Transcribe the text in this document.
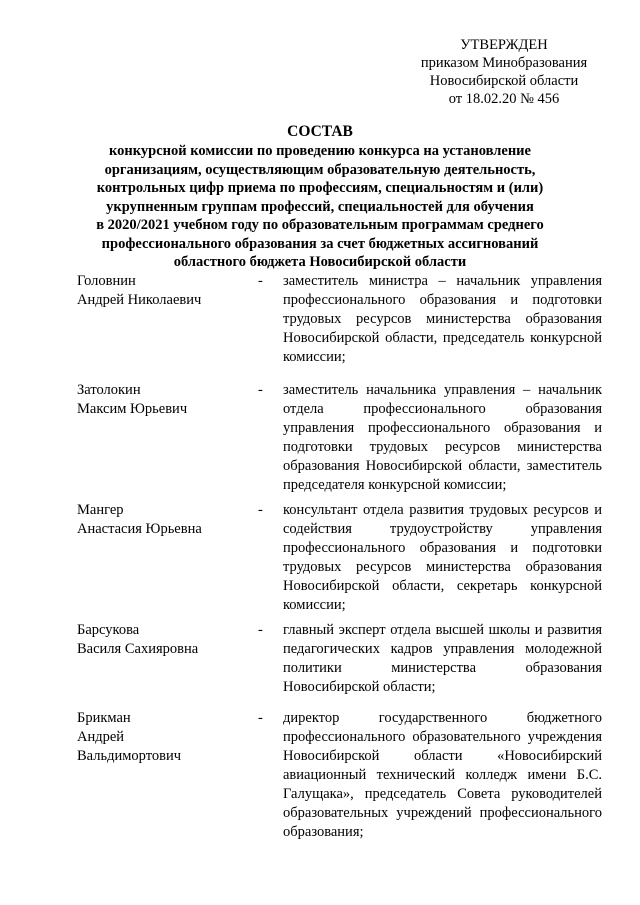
УТВЕРЖДЕН
приказом Минобразования
Новосибирской области
от 18.02.20 № 456
СОСТАВ
конкурсной комиссии по проведению конкурса на установление
организациям, осуществляющим образовательную деятельность,
контрольных цифр приема по профессиям, специальностям и (или)
укрупненным группам профессий, специальностей для обучения
в 2020/2021 учебном году по образовательным программам среднего
профессионального образования за счет бюджетных ассигнований
областного бюджета Новосибирской области
Головнин
Андрей Николаевич
- заместитель министра – начальник управления профессионального образования и подготовки трудовых ресурсов министерства образования Новосибирской области, председатель конкурсной комиссии;
Затолокин
Максим Юрьевич
- заместитель начальника управления – начальник отдела профессионального образования управления профессионального образования и подготовки трудовых ресурсов министерства образования Новосибирской области, заместитель председателя конкурсной комиссии;
Мангер
Анастасия Юрьевна
- консультант отдела развития трудовых ресурсов и содействия трудоустройству управления профессионального образования и подготовки трудовых ресурсов министерства образования Новосибирской области, секретарь конкурсной комиссии;
Барсукова
Василя Сахияровна
- главный эксперт отдела высшей школы и развития педагогических кадров управления молодежной политики министерства образования Новосибирской области;
Брикман
Андрей
Вальдимортович
- директор государственного бюджетного профессионального образовательного учреждения Новосибирской области «Новосибирский авиационный технический колледж имени Б.С. Галущака», председатель Совета руководителей образовательных учреждений профессионального образования;
